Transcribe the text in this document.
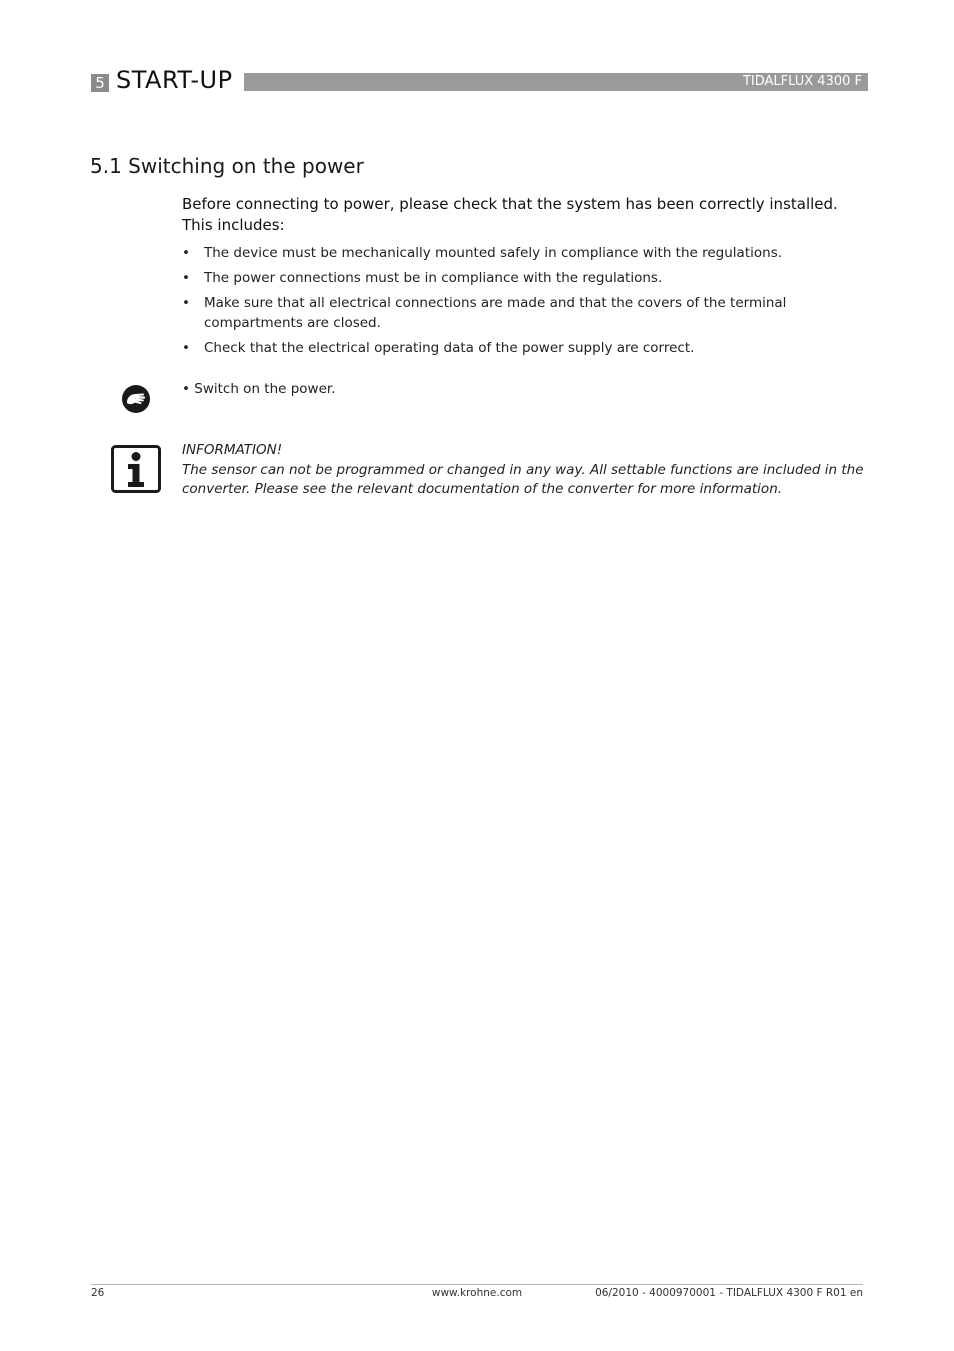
5 START-UP	TIDALFLUX 4300 F
5.1 Switching on the power
Before connecting to power, please check that the system has been correctly installed. This includes:
• The device must be mechanically mounted safely in compliance with the regulations.
• The power connections must be in compliance with the regulations.
• Make sure that all electrical connections are made and that the covers of the terminal compartments are closed.
• Check that the electrical operating data of the power supply are correct.
• Switch on the power.
INFORMATION!
The sensor can not be programmed or changed in any way. All settable functions are included in the converter. Please see the relevant documentation of the converter for more information.
26	www.krohne.com	06/2010 - 4000970001 - TIDALFLUX 4300 F R01 en
